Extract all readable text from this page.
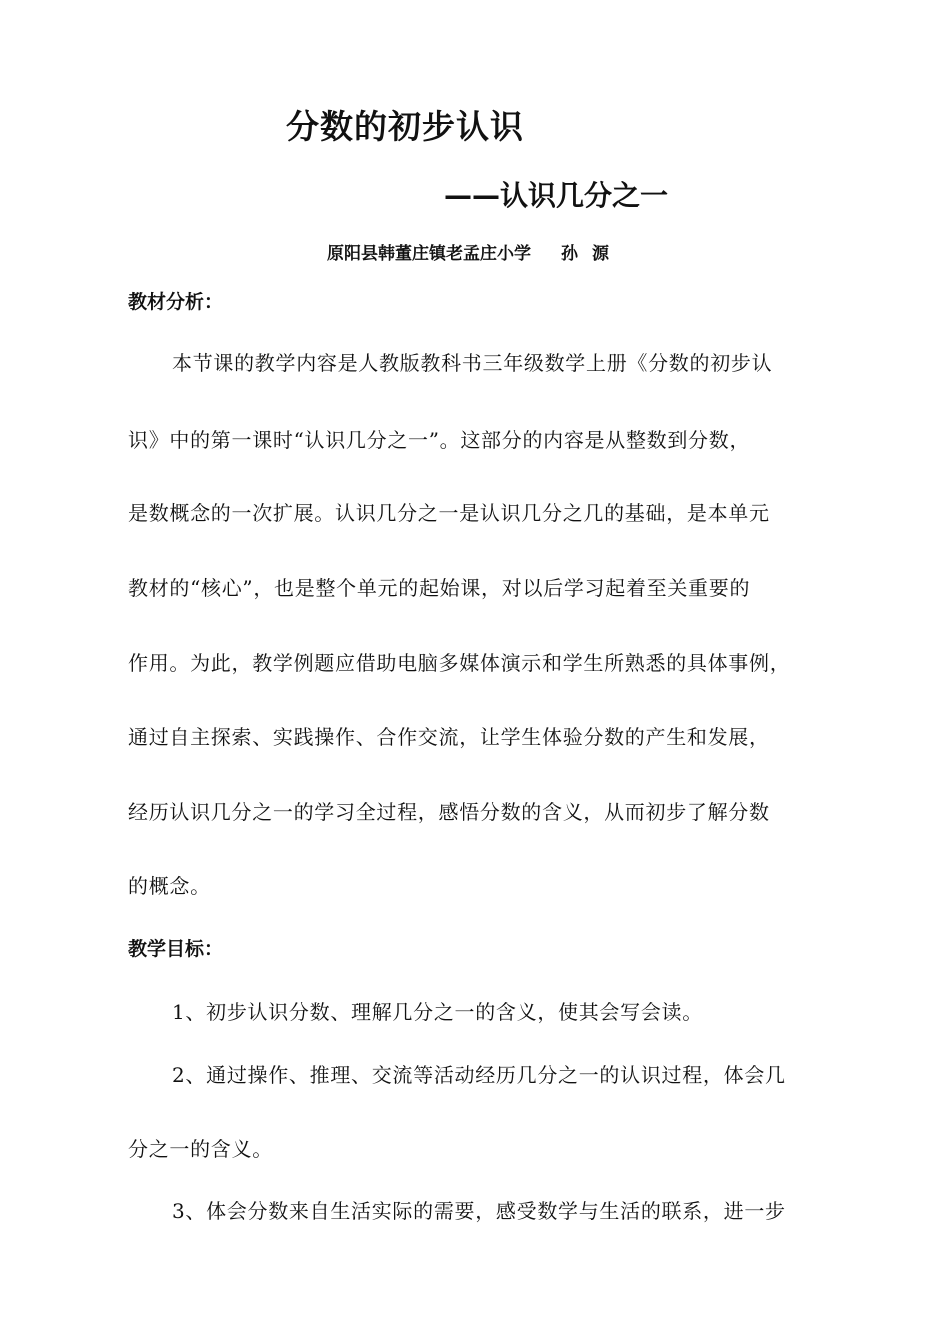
分数的初步认识
——认识几分之一
原阳县韩董庄镇老孟庄小学 孙源
教材分析：
本节课的教学内容是人教版教科书三年级数学上册《分数的初步认
识》中的第一课时“认识几分之一”。这部分的内容是从整数到分数，
是数概念的一次扩展。认识几分之一是认识几分之几的基础，是本单元
教材的“核心”，也是整个单元的起始课，对以后学习起着至关重要的
作用。为此，教学例题应借助电脑多媒体演示和学生所熟悉的具体事例，
通过自主探索、实践操作、合作交流，让学生体验分数的产生和发展，
经历认识几分之一的学习全过程，感悟分数的含义，从而初步了解分数
的概念。
教学目标：
1、初步认识分数、理解几分之一的含义，使其会写会读。
2、通过操作、推理、交流等活动经历几分之一的认识过程，体会几
分之一的含义。
3、体会分数来自生活实际的需要，感受数学与生活的联系，进一步
